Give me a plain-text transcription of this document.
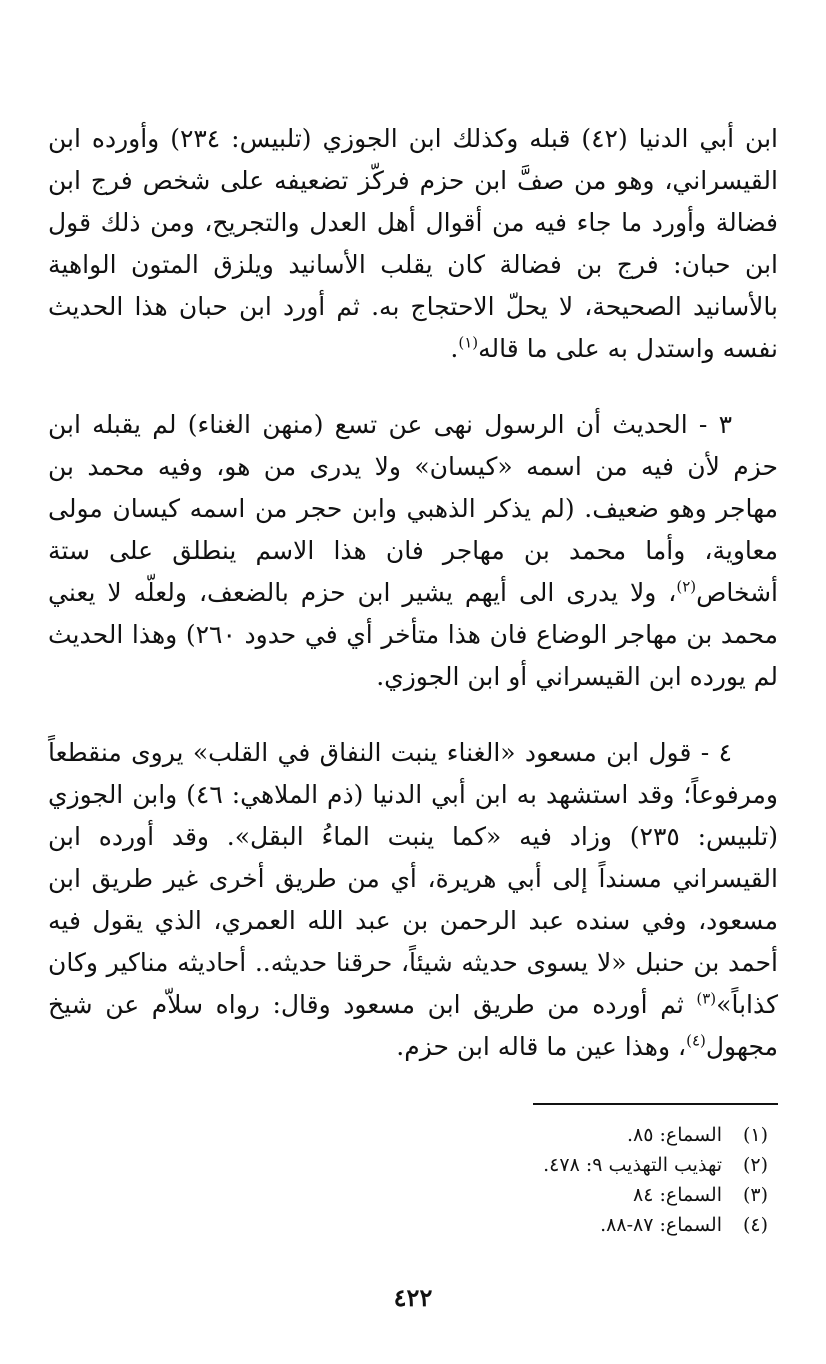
ابن أبي الدنيا (٤٢) قبله وكذلك ابن الجوزي (تلبيس: ٢٣٤) وأورده ابن القيسراني، وهو من صفَّ ابن حزم فركّز تضعيفه على شخص فرج ابن فضالة وأورد ما جاء فيه من أقوال أهل العدل والتجريح، ومن ذلك قول ابن حبان: فرج بن فضالة كان يقلب الأسانيد ويلزق المتون الواهية بالأسانيد الصحيحة، لا يحلّ الاحتجاج به. ثم أورد ابن حبان هذا الحديث نفسه واستدل به على ما قاله$^{(١)}$.

٣ - الحديث أن الرسول نهى عن تسع (منهن الغناء) لم يقبله ابن حزم لأن فيه من اسمه «كيسان» ولا يدرى من هو، وفيه محمد بن مهاجر وهو ضعيف. (لم يذكر الذهبي وابن حجر من اسمه كيسان مولى معاوية، وأما محمد بن مهاجر فان هذا الاسم ينطلق على ستة أشخاص$^{(٢)}$، ولا يدرى الى أيهم يشير ابن حزم بالضعف، ولعلّه لا يعني محمد بن مهاجر الوضاع فان هذا متأخر أي في حدود ٢٦٠) وهذا الحديث لم يورده ابن القيسراني أو ابن الجوزي.

٤ - قول ابن مسعود «الغناء ينبت النفاق في القلب» يروى منقطعاً ومرفوعاً؛ وقد استشهد به ابن أبي الدنيا (ذم الملاهي: ٤٦) وابن الجوزي (تلبيس: ٢٣٥) وزاد فيه «كما ينبت الماءُ البقل». وقد أورده ابن القيسراني مسنداً إلى أبي هريرة، أي من طريق أخرى غير طريق ابن مسعود، وفي سنده عبد الرحمن بن عبد الله العمري، الذي يقول فيه أحمد بن حنبل «لا يسوى حديثه شيئاً، حرقنا حديثه.. أحاديثه مناكير وكان كذاباً»$^{(٣)}$ ثم أورده من طريق ابن مسعود وقال: رواه سلاّم عن شيخ مجهول$^{(٤)}$، وهذا عين ما قاله ابن حزم.

(١)
السماع: ٨٥.
(٢)
تهذيب التهذيب ٩: ٤٧٨.
(٣)
السماع: ٨٤
(٤)
السماع: ٨٧-٨٨.
٤٢٢
